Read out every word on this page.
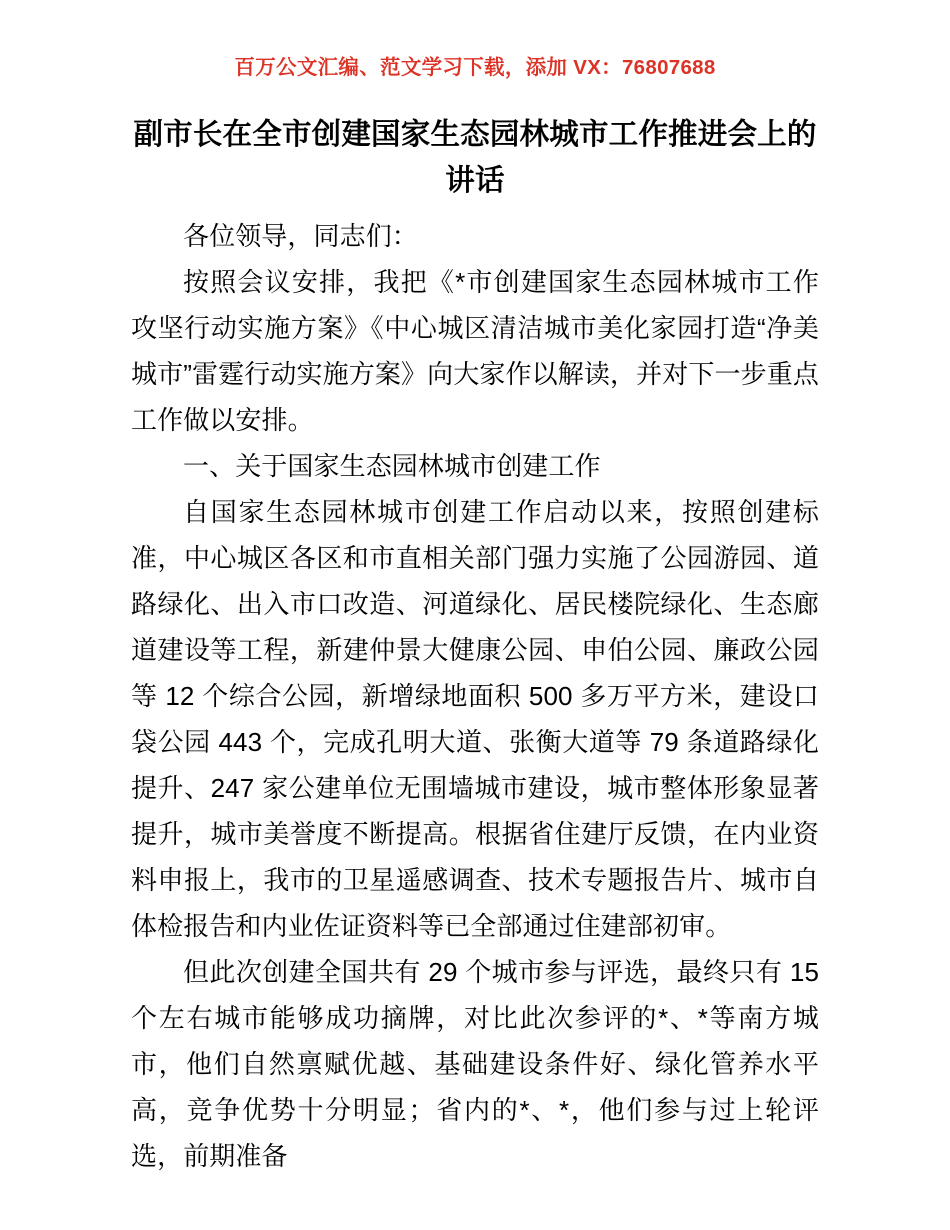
百万公文汇编、范文学习下载，添加 VX：76807688
副市长在全市创建国家生态园林城市工作推进会上的讲话

各位领导，同志们：

按照会议安排，我把《*市创建国家生态园林城市工作攻坚行动实施方案》《中心城区清洁城市美化家园打造“净美城市”雷霆行动实施方案》向大家作以解读，并对下一步重点工作做以安排。

一、关于国家生态园林城市创建工作

自国家生态园林城市创建工作启动以来，按照创建标准，中心城区各区和市直相关部门强力实施了公园游园、道路绿化、出入市口改造、河道绿化、居民楼院绿化、生态廊道建设等工程，新建仲景大健康公园、申伯公园、廉政公园等 12 个综合公园，新增绿地面积 500 多万平方米，建设口袋公园 443 个，完成孔明大道、张衡大道等 79 条道路绿化提升、247 家公建单位无围墙城市建设，城市整体形象显著提升，城市美誉度不断提高。根据省住建厅反馈，在内业资料申报上，我市的卫星遥感调查、技术专题报告片、城市自体检报告和内业佐证资料等已全部通过住建部初审。

但此次创建全国共有 29 个城市参与评选，最终只有 15 个左右城市能够成功摘牌，对比此次参评的*、*等南方城市，他们自然禀赋优越、基础建设条件好、绿化管养水平高，竞争优势十分明显；省内的*、*，他们参与过上轮评选，前期准备
